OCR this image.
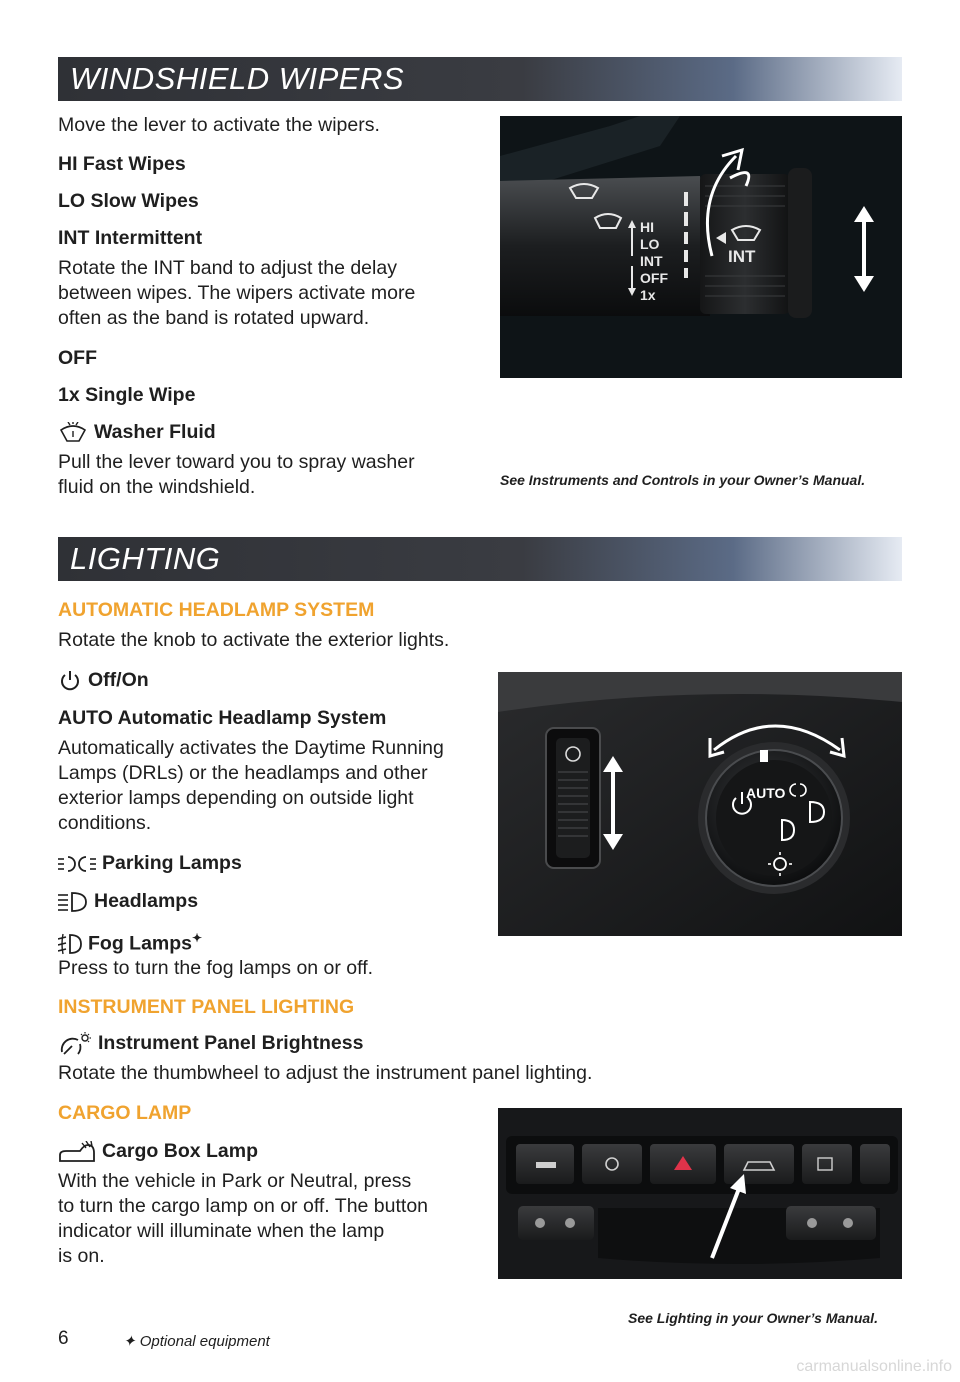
WINDSHIELD WIPERS
Move the lever to activate the wipers.
HI Fast Wipes
LO Slow Wipes
INT Intermittent
Rotate the INT band to adjust the delay
between wipes. The wipers activate more
often as the band is rotated upward.
OFF
1x Single Wipe
Washer Fluid
Pull the lever toward you to spray washer
fluid on the windshield.
HI
LO
INT
OFF
1x
INT
See Instruments and Controls in your Owner’s Manual.
LIGHTING
AUTOMATIC HEADLAMP SYSTEM
Rotate the knob to activate the exterior lights.
Off/On
AUTO Automatic Headlamp System
Automatically activates the Daytime Running
Lamps (DRLs) or the headlamps and other
exterior lamps depending on outside light
conditions.
Parking Lamps
Headlamps
Fog Lamps✦
Press to turn the fog lamps on or off.
INSTRUMENT PANEL LIGHTING
Instrument Panel Brightness
Rotate the thumbwheel to adjust the instrument panel lighting.
CARGO LAMP
Cargo Box Lamp
With the vehicle in Park or Neutral, press
to turn the cargo lamp on or off. The button
indicator will illuminate when the lamp
is on.
AUTO
See Lighting in your Owner’s Manual.
6	✦ Optional equipment
carmanualsonline.info
